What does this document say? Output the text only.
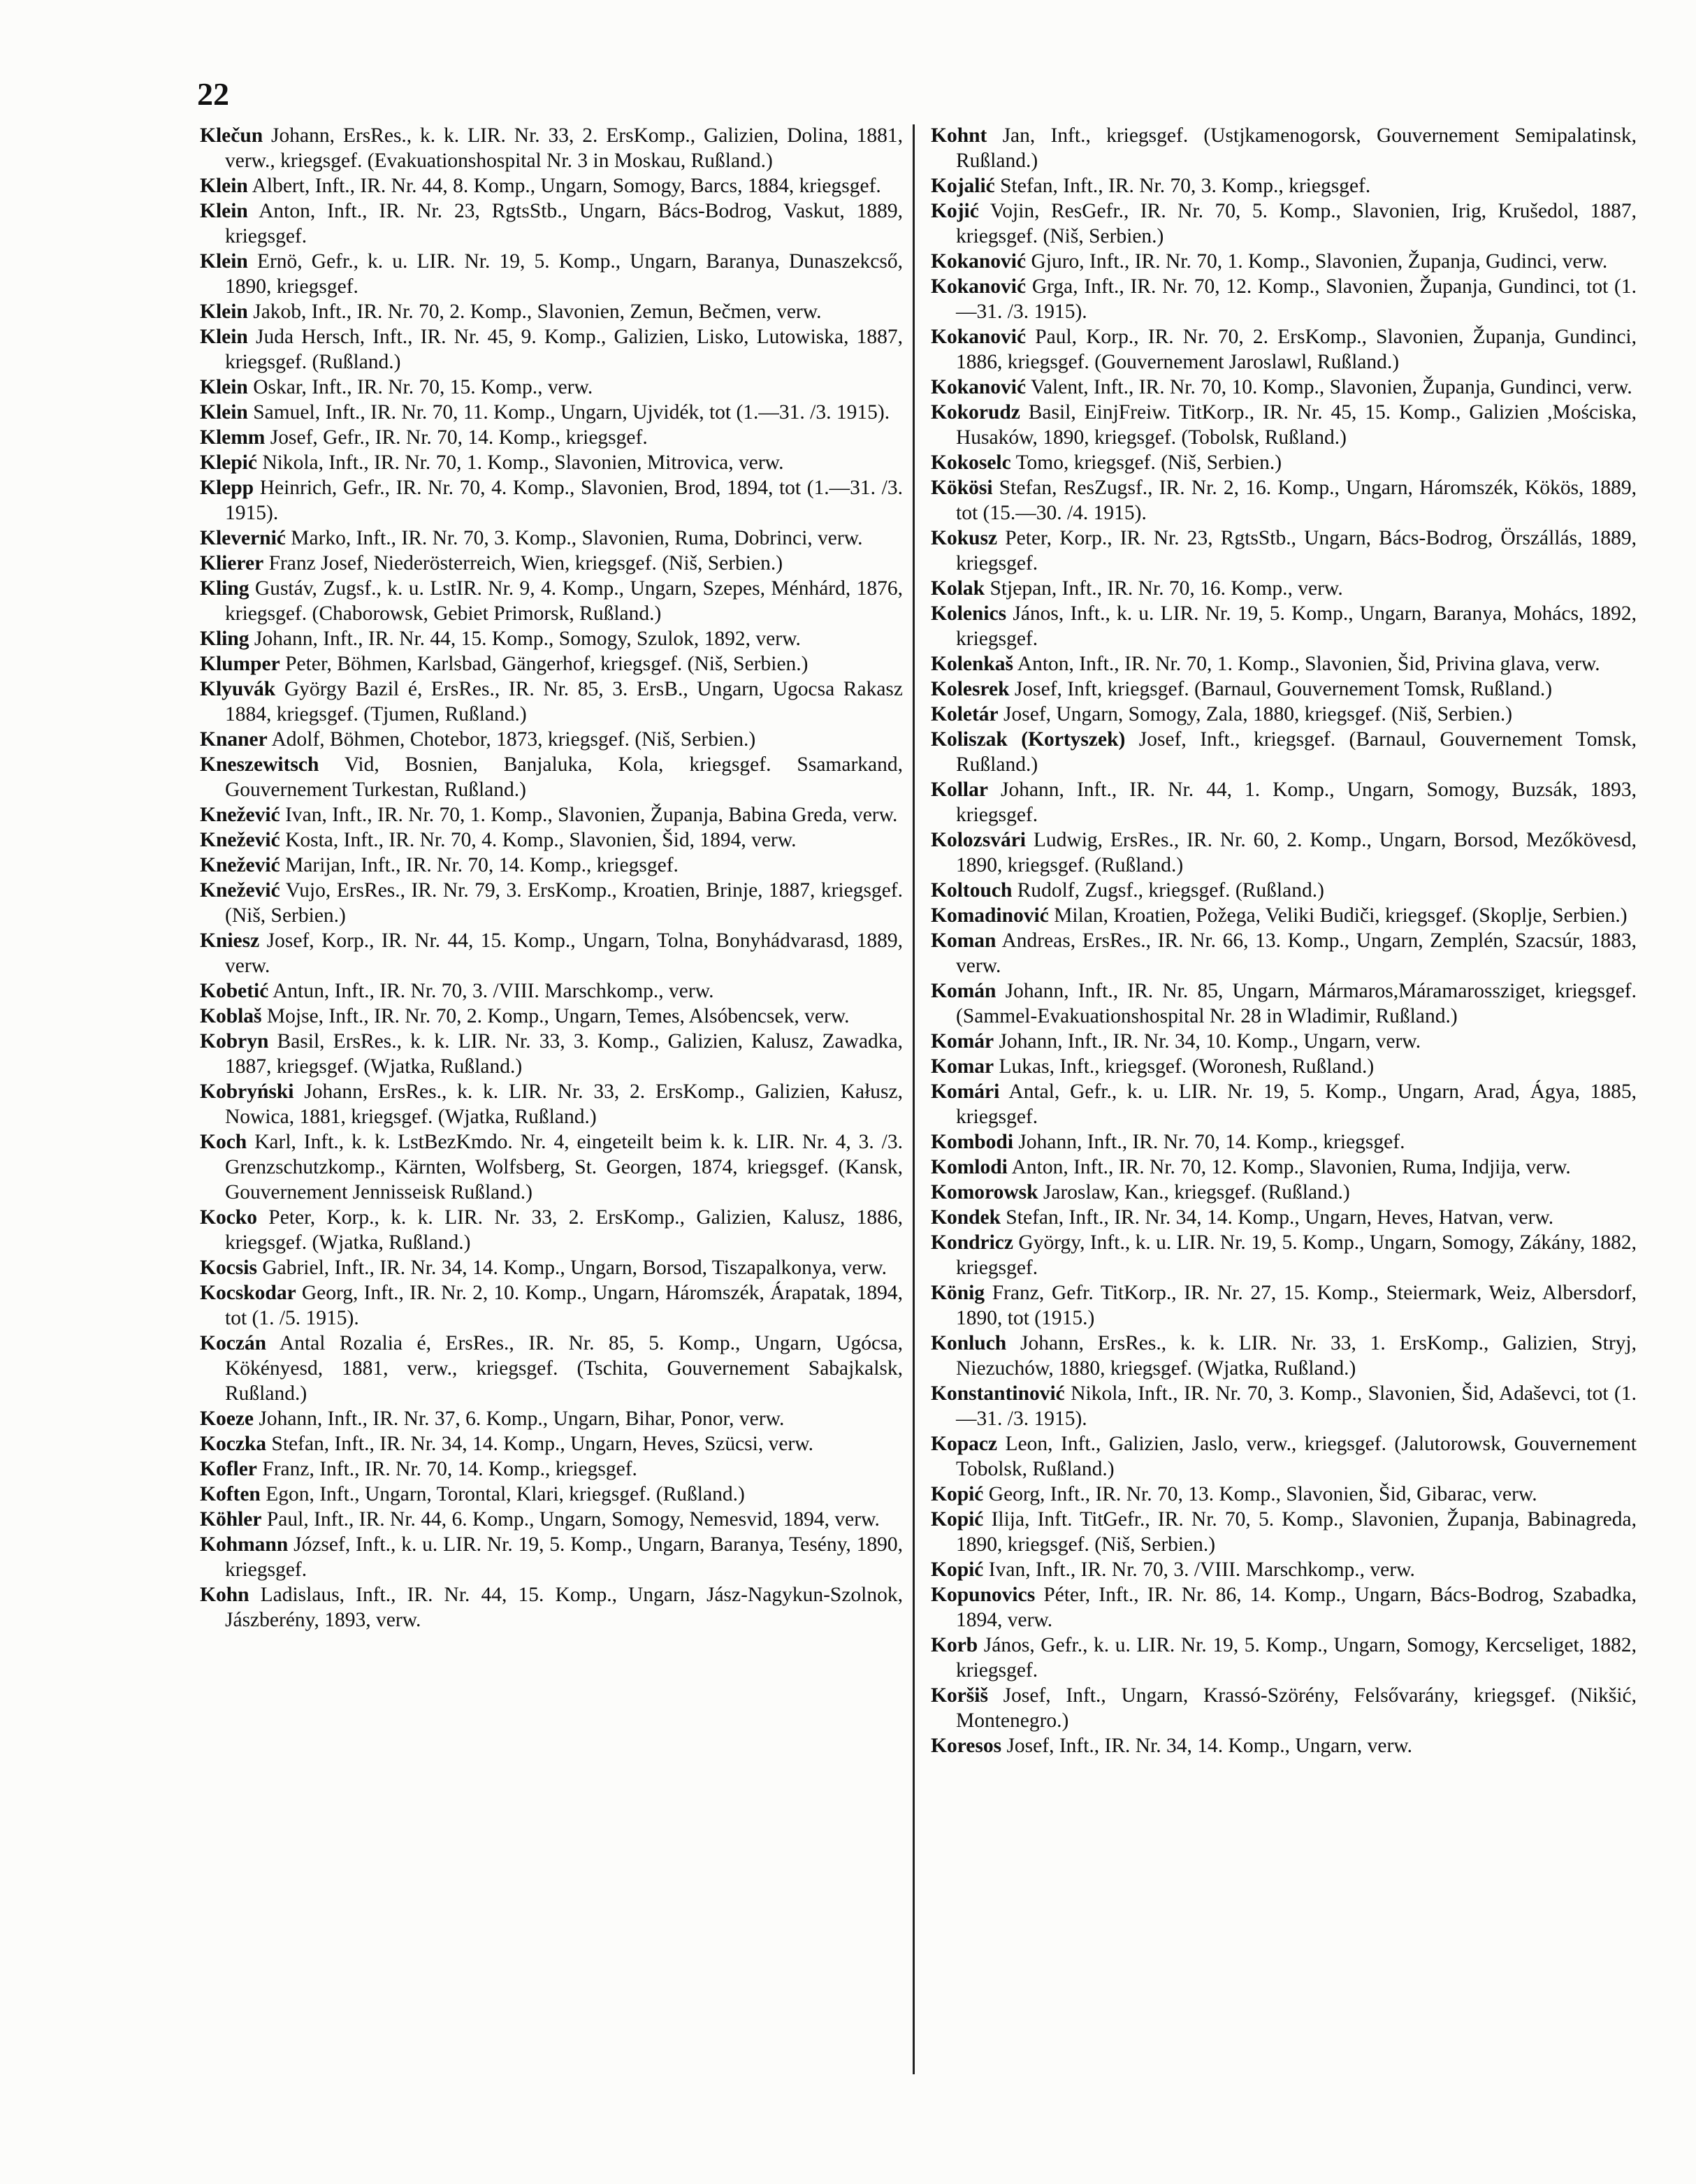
22

Klečun Johann, ErsRes., k. k. LIR. Nr. 33, 2. ErsKomp., Galizien, Dolina, 1881, verw., kriegsgef. (Evakuationshospital Nr. 3 in Moskau, Rußland.)

Klein Albert, Inft., IR. Nr. 44, 8. Komp., Ungarn, Somogy, Barcs, 1884, kriegsgef.

Klein Anton, Inft., IR. Nr. 23, RgtsStb., Ungarn, Bács-Bodrog, Vaskut, 1889, kriegsgef.

Klein Ernö, Gefr., k. u. LIR. Nr. 19, 5. Komp., Ungarn, Baranya, Dunaszekcső, 1890, kriegsgef.

Klein Jakob, Inft., IR. Nr. 70, 2. Komp., Slavonien, Zemun, Bečmen, verw.

Klein Juda Hersch, Inft., IR. Nr. 45, 9. Komp., Galizien, Lisko, Lutowiska, 1887, kriegsgef. (Rußland.)

Klein Oskar, Inft., IR. Nr. 70, 15. Komp., verw.

Klein Samuel, Inft., IR. Nr. 70, 11. Komp., Ungarn, Ujvidék, tot (1.—31. /3. 1915).

Klemm Josef, Gefr., IR. Nr. 70, 14. Komp., kriegsgef.

Klepić Nikola, Inft., IR. Nr. 70, 1. Komp., Slavonien, Mitrovica, verw.

Klepp Heinrich, Gefr., IR. Nr. 70, 4. Komp., Slavonien, Brod, 1894, tot (1.—31. /3. 1915).

Klevernić Marko, Inft., IR. Nr. 70, 3. Komp., Slavonien, Ruma, Dobrinci, verw.

Klierer Franz Josef, Niederösterreich, Wien, kriegsgef. (Niš, Serbien.)

Kling Gustáv, Zugsf., k. u. LstIR. Nr. 9, 4. Komp., Ungarn, Szepes, Ménhárd, 1876, kriegsgef. (Chaborowsk, Gebiet Primorsk, Rußland.)

Kling Johann, Inft., IR. Nr. 44, 15. Komp., Somogy, Szulok, 1892, verw.

Klumper Peter, Böhmen, Karlsbad, Gängerhof, kriegsgef. (Niš, Serbien.)

Klyuvák György Bazil é, ErsRes., IR. Nr. 85, 3. ErsB., Ungarn, Ugocsa Rakasz 1884, kriegsgef. (Tjumen, Rußland.)

Knaner Adolf, Böhmen, Chotebor, 1873, kriegsgef. (Niš, Serbien.)

Kneszewitsch Vid, Bosnien, Banjaluka, Kola, kriegsgef. Ssamarkand, Gouvernement Turkestan, Rußland.)

Knežević Ivan, Inft., IR. Nr. 70, 1. Komp., Slavonien, Županja, Babina Greda, verw.

Knežević Kosta, Inft., IR. Nr. 70, 4. Komp., Slavonien, Šid, 1894, verw.

Knežević Marijan, Inft., IR. Nr. 70, 14. Komp., kriegsgef.

Knežević Vujo, ErsRes., IR. Nr. 79, 3. ErsKomp., Kroatien, Brinje, 1887, kriegsgef. (Niš, Serbien.)

Kniesz Josef, Korp., IR. Nr. 44, 15. Komp., Ungarn, Tolna, Bonyhádvarasd, 1889, verw.

Kobetić Antun, Inft., IR. Nr. 70, 3. /VIII. Marschkomp., verw.

Koblaš Mojse, Inft., IR. Nr. 70, 2. Komp., Ungarn, Temes, Alsóbencsek, verw.

Kobryn Basil, ErsRes., k. k. LIR. Nr. 33, 3. Komp., Galizien, Kalusz, Zawadka, 1887, kriegsgef. (Wjatka, Rußland.)

Kobryński Johann, ErsRes., k. k. LIR. Nr. 33, 2. ErsKomp., Galizien, Kałusz, Nowica, 1881, kriegsgef. (Wjatka, Rußland.)

Koch Karl, Inft., k. k. LstBezKmdo. Nr. 4, eingeteilt beim k. k. LIR. Nr. 4, 3. /3. Grenzschutzkomp., Kärnten, Wolfsberg, St. Georgen, 1874, kriegsgef. (Kansk, Gouvernement Jennisseisk Rußland.)

Kocko Peter, Korp., k. k. LIR. Nr. 33, 2. ErsKomp., Galizien, Kalusz, 1886, kriegsgef. (Wjatka, Rußland.)

Kocsis Gabriel, Inft., IR. Nr. 34, 14. Komp., Ungarn, Borsod, Tiszapalkonya, verw.

Kocskodar Georg, Inft., IR. Nr. 2, 10. Komp., Ungarn, Háromszék, Árapatak, 1894, tot (1. /5. 1915).

Koczán Antal Rozalia é, ErsRes., IR. Nr. 85, 5. Komp., Ungarn, Ugócsa, Kökényesd, 1881, verw., kriegsgef. (Tschita, Gouvernement Sabajkalsk, Rußland.)

Koeze Johann, Inft., IR. Nr. 37, 6. Komp., Ungarn, Bihar, Ponor, verw.

Koczka Stefan, Inft., IR. Nr. 34, 14. Komp., Ungarn, Heves, Szücsi, verw.

Kofler Franz, Inft., IR. Nr. 70, 14. Komp., kriegsgef.

Koften Egon, Inft., Ungarn, Torontal, Klari, kriegsgef. (Rußland.)

Köhler Paul, Inft., IR. Nr. 44, 6. Komp., Ungarn, Somogy, Nemesvid, 1894, verw.

Kohmann József, Inft., k. u. LIR. Nr. 19, 5. Komp., Ungarn, Baranya, Tesény, 1890, kriegsgef.

Kohn Ladislaus, Inft., IR. Nr. 44, 15. Komp., Ungarn, Jász-Nagykun-Szolnok, Jászberény, 1893, verw.

Kohnt Jan, Inft., kriegsgef. (Ustjkamenogorsk, Gouvernement Semipalatinsk, Rußland.)

Kojalić Stefan, Inft., IR. Nr. 70, 3. Komp., kriegsgef.

Kojić Vojin, ResGefr., IR. Nr. 70, 5. Komp., Slavonien, Irig, Krušedol, 1887, kriegsgef. (Niš, Serbien.)

Kokanović Gjuro, Inft., IR. Nr. 70, 1. Komp., Slavonien, Županja, Gudinci, verw.

Kokanović Grga, Inft., IR. Nr. 70, 12. Komp., Slavonien, Županja, Gundinci, tot (1.—31. /3. 1915).

Kokanović Paul, Korp., IR. Nr. 70, 2. ErsKomp., Slavonien, Županja, Gundinci, 1886, kriegsgef. (Gouvernement Jaroslawl, Rußland.)

Kokanović Valent, Inft., IR. Nr. 70, 10. Komp., Slavonien, Županja, Gundinci, verw.

Kokorudz Basil, EinjFreiw. TitKorp., IR. Nr. 45, 15. Komp., Galizien ,Mościska, Husaków, 1890, kriegsgef. (Tobolsk, Rußland.)

Kokoselc Tomo, kriegsgef. (Niš, Serbien.)

Kökösi Stefan, ResZugsf., IR. Nr. 2, 16. Komp., Ungarn, Háromszék, Kökös, 1889, tot (15.—30. /4. 1915).

Kokusz Peter, Korp., IR. Nr. 23, RgtsStb., Ungarn, Bács-Bodrog, Örszállás, 1889, kriegsgef.

Kolak Stjepan, Inft., IR. Nr. 70, 16. Komp., verw.

Kolenics János, Inft., k. u. LIR. Nr. 19, 5. Komp., Ungarn, Baranya, Mohács, 1892, kriegsgef.

Kolenkaš Anton, Inft., IR. Nr. 70, 1. Komp., Slavonien, Šid, Privina glava, verw.

Kolesrek Josef, Inft, kriegsgef. (Barnaul, Gouvernement Tomsk, Rußland.)

Koletár Josef, Ungarn, Somogy, Zala, 1880, kriegsgef. (Niš, Serbien.)

Koliszak (Kortyszek) Josef, Inft., kriegsgef. (Barnaul, Gouvernement Tomsk, Rußland.)

Kollar Johann, Inft., IR. Nr. 44, 1. Komp., Ungarn, Somogy, Buzsák, 1893, kriegsgef.

Kolozsvári Ludwig, ErsRes., IR. Nr. 60, 2. Komp., Ungarn, Borsod, Mezőkövesd, 1890, kriegsgef. (Rußland.)

Koltouch Rudolf, Zugsf., kriegsgef. (Rußland.)

Komadinović Milan, Kroatien, Požega, Veliki Budiči, kriegsgef. (Skoplje, Serbien.)

Koman Andreas, ErsRes., IR. Nr. 66, 13. Komp., Ungarn, Zemplén, Szacsúr, 1883, verw.

Komán Johann, Inft., IR. Nr. 85, Ungarn, Mármaros,Máramarossziget, kriegsgef. (Sammel-Evakuationshospital Nr. 28 in Wladimir, Rußland.)

Komár Johann, Inft., IR. Nr. 34, 10. Komp., Ungarn, verw.

Komar Lukas, Inft., kriegsgef. (Woronesh, Rußland.)

Komári Antal, Gefr., k. u. LIR. Nr. 19, 5. Komp., Ungarn, Arad, Ágya, 1885, kriegsgef.

Kombodi Johann, Inft., IR. Nr. 70, 14. Komp., kriegsgef.

Komlodi Anton, Inft., IR. Nr. 70, 12. Komp., Slavonien, Ruma, Indjija, verw.

Komorowsk Jaroslaw, Kan., kriegsgef. (Rußland.)

Kondek Stefan, Inft., IR. Nr. 34, 14. Komp., Ungarn, Heves, Hatvan, verw.

Kondricz György, Inft., k. u. LIR. Nr. 19, 5. Komp., Ungarn, Somogy, Zákány, 1882, kriegsgef.

König Franz, Gefr. TitKorp., IR. Nr. 27, 15. Komp., Steiermark, Weiz, Albersdorf, 1890, tot (1915.)

Konluch Johann, ErsRes., k. k. LIR. Nr. 33, 1. ErsKomp., Galizien, Stryj, Niezuchów, 1880, kriegsgef. (Wjatka, Rußland.)

Konstantinović Nikola, Inft., IR. Nr. 70, 3. Komp., Slavonien, Šid, Adaševci, tot (1.—31. /3. 1915).

Kopacz Leon, Inft., Galizien, Jaslo, verw., kriegsgef. (Jalutorowsk, Gouvernement Tobolsk, Rußland.)

Kopić Georg, Inft., IR. Nr. 70, 13. Komp., Slavonien, Šid, Gibarac, verw.

Kopić Ilija, Inft. TitGefr., IR. Nr. 70, 5. Komp., Slavonien, Županja, Babinagreda, 1890, kriegsgef. (Niš, Serbien.)

Kopić Ivan, Inft., IR. Nr. 70, 3. /VIII. Marschkomp., verw.

Kopunovics Péter, Inft., IR. Nr. 86, 14. Komp., Ungarn, Bács-Bodrog, Szabadka, 1894, verw.

Korb János, Gefr., k. u. LIR. Nr. 19, 5. Komp., Ungarn, Somogy, Kercseliget, 1882, kriegsgef.

Koršiš Josef, Inft., Ungarn, Krassó-Szörény, Felsővarány, kriegsgef. (Nikšić, Montenegro.)

Koresos Josef, Inft., IR. Nr. 34, 14. Komp., Ungarn, verw.
